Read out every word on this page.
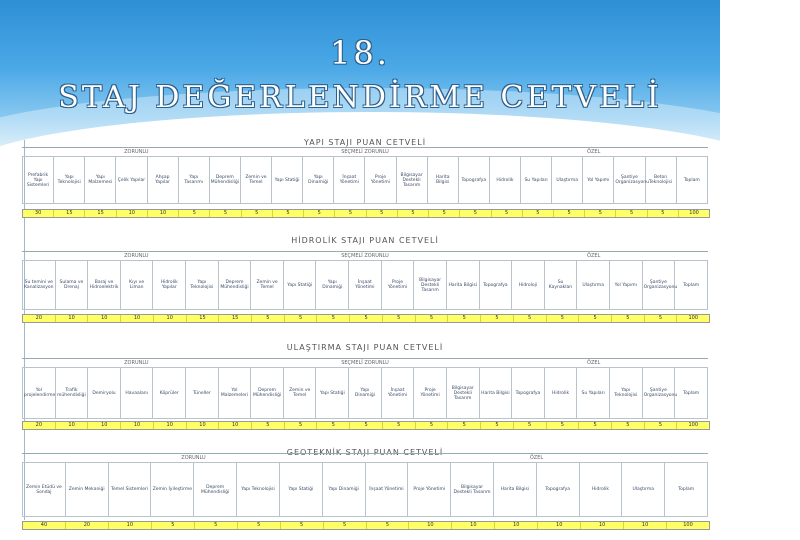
18.
STAJ DEĞERLENDİRME CETVELİ
YAPI STAJI PUAN CETVELİ
ZORUNLU	SEÇMELİ ZORUNLU	ÖZEL
Prefabrik Yapı Sistemleri	Yapı Teknolojisi	Yapı Malzemesi	Çelik Yapılar	Ahşap Yapılar	Yapı Tasarımı	Deprem Mühendisliği	Zemin ve Temel	Yapı Statiği	Yapı Dinamiği	İnşaat Yönetimi	Proje Yönetimi	Bilgisayar Destekli Tasarım	Harita Bilgisi	Topografya	Hidrolik	Su Yapıları	Ulaştırma	Yol Yapımı	Şantiye Organizasyonu	Beton Teknolojisi	Toplam
30	15	15	10	10	5	5	5	5	5	5	5	5	5	5	5	5	5	5	5	5	100
HİDROLİK STAJI PUAN CETVELİ
ZORUNLU	SEÇMELİ ZORUNLU	ÖZEL
Su temini ve Kanalizasyon	Sulama ve Drenaj	Baraj ve Hidroelektrik	Kıyı ve Liman	Hidrolik Yapılar	Yapı Teknolojisi	Deprem Mühendisliği	Zemin ve Temel	Yapı Statiği	Yapı Dinamiği	İnşaat Yönetimi	Proje Yönetimi	Bilgisayar Destekli Tasarım	Harita Bilgisi	Topografya	Hidroloji	Su Kaynakları	Ulaştırma	Yol Yapımı	Şantiye Organizasyonu	Toplam
20	10	10	10	10	15	15	5	5	5	5	5	5	5	5	5	5	5	5	5	100
ULAŞTIRMA STAJI PUAN CETVELİ
ZORUNLU	SEÇMELİ ZORUNLU	ÖZEL
Yol projelendirme	Trafik mühendisliği	Demiryolu	Havaalanı	Köprüler	Tüneller	Yol Malzemeleri	Deprem Mühendisliği	Zemin ve Temel	Yapı Statiği	Yapı Dinamiği	İnşaat Yönetimi	Proje Yönetimi	Bilgisayar Destekli Tasarım	Harita Bilgisi	Topografya	Hidrolik	Su Yapıları	Yapı Teknolojisi	Şantiye Organizasyonu	Toplam
20	10	10	10	10	10	10	5	5	5	5	5	5	5	5	5	5	5	5	5	100
GEOTEKNİK STAJI PUAN CETVELİ
ZORUNLU	ÖZEL
Zemin Etüdü ve Sondaj	Zemin Mekaniği	Temel Sistemleri	Zemin İyileştirme	Deprem Mühendisliği	Yapı Teknolojisi	Yapı Statiği	Yapı Dinamiği	İnşaat Yönetimi	Proje Yönetimi	Bilgisayar Destekli Tasarım	Harita Bilgisi	Topografya	Hidrolik	Ulaştırma	Toplam
40	20	10	5	5	5	5	5	5	10	10	10	10	10	10	100
